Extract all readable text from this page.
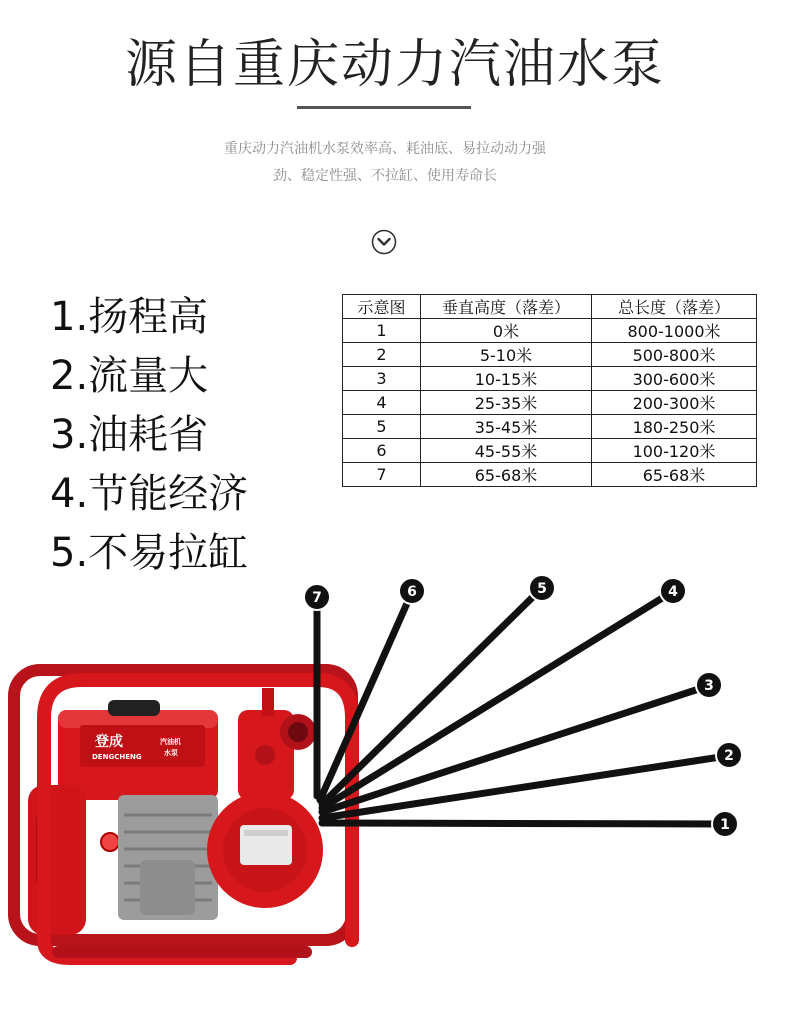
源自重庆动力汽油水泵
重庆动力汽油机水泵效率高、耗油底、易拉动动力强
劲、稳定性强、不拉缸、使用寿命长
1.扬程高
2.流量大
3.油耗省
4.节能经济
5.不易拉缸
示意图	垂直高度（落差）	总长度（落差）
1	0米	800-1000米
2	5-10米	500-800米
3	10-15米	300-600米
4	25-35米	200-300米
5	35-45米	180-250米
6	45-55米	100-120米
7	65-68米	65-68米
登成
DENGCHENG
汽油机
水泵
1
2
3
4
5
6
7
